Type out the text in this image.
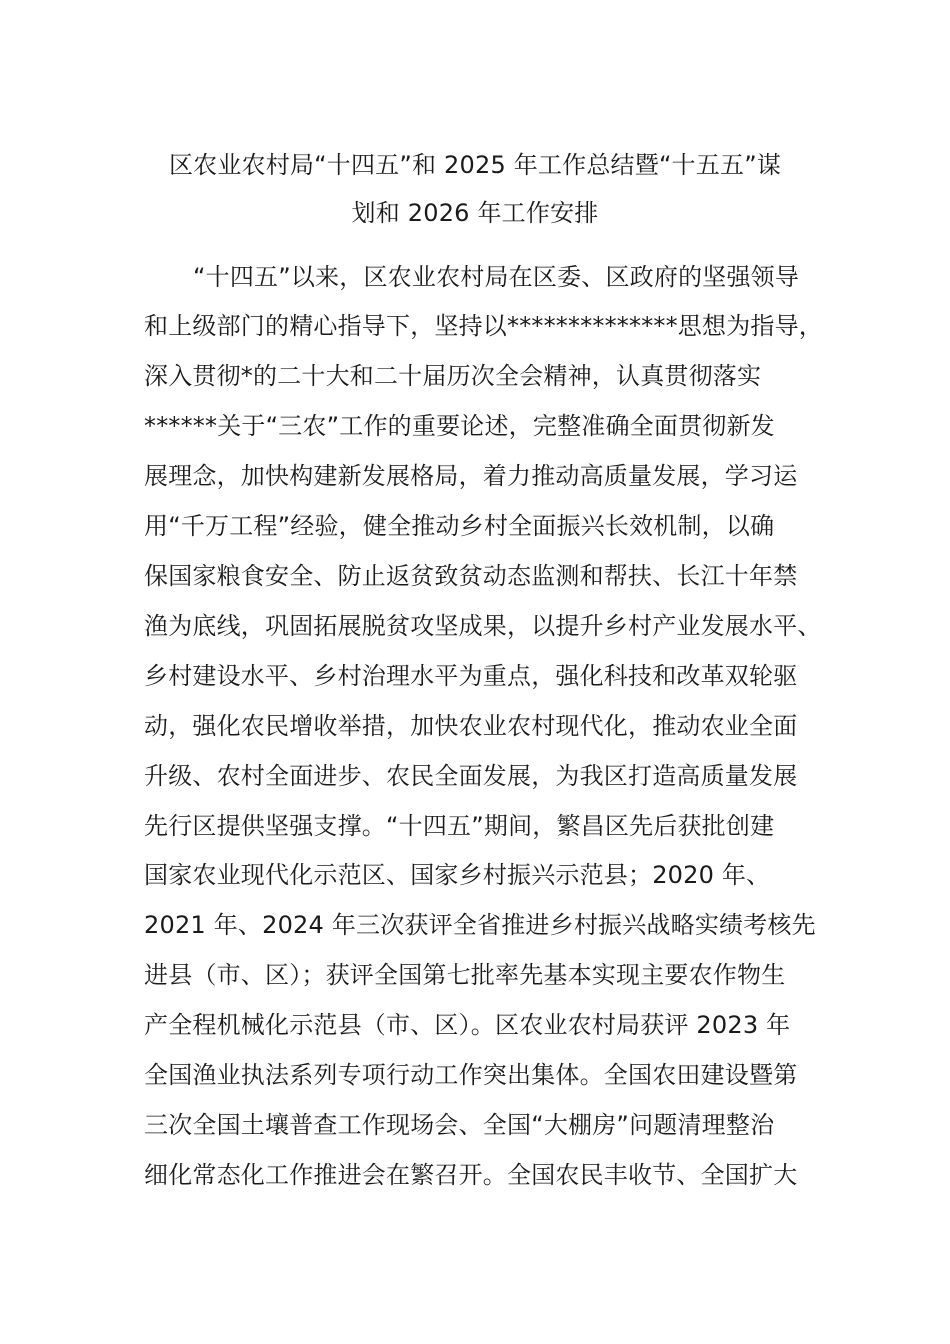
区农业农村局“十四五”和 2025 年工作总结暨“十五五”谋
划和 2026 年工作安排
“十四五”以来，区农业农村局在区委、区政府的坚强领导
和上级部门的精心指导下，坚持以**************思想为指导，
深入贯彻*的二十大和二十届历次全会精神，认真贯彻落实
******关于“三农”工作的重要论述，完整准确全面贯彻新发
展理念，加快构建新发展格局，着力推动高质量发展，学习运
用“千万工程”经验，健全推动乡村全面振兴长效机制，以确
保国家粮食安全、防止返贫致贫动态监测和帮扶、长江十年禁
渔为底线，巩固拓展脱贫攻坚成果，以提升乡村产业发展水平、
乡村建设水平、乡村治理水平为重点，强化科技和改革双轮驱
动，强化农民增收举措，加快农业农村现代化，推动农业全面
升级、农村全面进步、农民全面发展，为我区打造高质量发展
先行区提供坚强支撑。“十四五”期间，繁昌区先后获批创建
国家农业现代化示范区、国家乡村振兴示范县；2020 年、
2021 年、2024 年三次获评全省推进乡村振兴战略实绩考核先
进县（市、区）；获评全国第七批率先基本实现主要农作物生
产全程机械化示范县（市、区）。区农业农村局获评 2023 年
全国渔业执法系列专项行动工作突出集体。全国农田建设暨第
三次全国土壤普查工作现场会、全国“大棚房”问题清理整治
细化常态化工作推进会在繁召开。全国农民丰收节、全国扩大
